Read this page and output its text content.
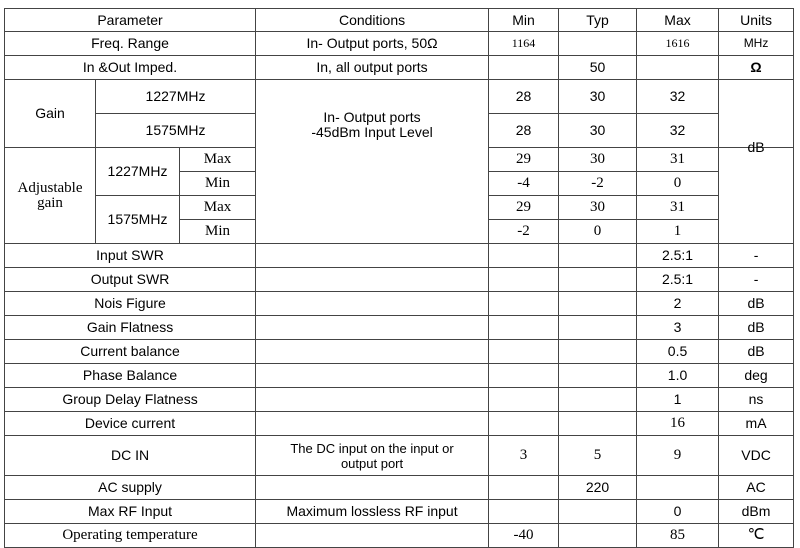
Parameter			Conditions	Min	Typ	Max	Units
Freq. Range			In- Output ports, 50Ω	1164		1616	MHz
In &Out Imped.			In, all output ports		50		Ω
Gain	1227MHz		In- Output ports -45dBm Input Level	28	30	32	
	1575MHz			28	30	32	

Adjustable gain	1227MHz	Max		29	30	31	dB

		Min		-4	-2	0	
	1575MHz	Max		29	30	31	
		Min		-2	0	1	
Input SWR						2.5:1	-
Output SWR						2.5:1	-
Nois Figure						2	dB
Gain Flatness						3	dB
Current balance						0.5	dB
Phase Balance						1.0	deg
Group Delay Flatness						1	ns
Device current						16	mA
DC IN			The DC input on the input or output port	3	5	9	VDC
AC supply					220		AC
Max RF Input			Maximum lossless RF input			0	dBm
Operating temperature				-40		85	℃
